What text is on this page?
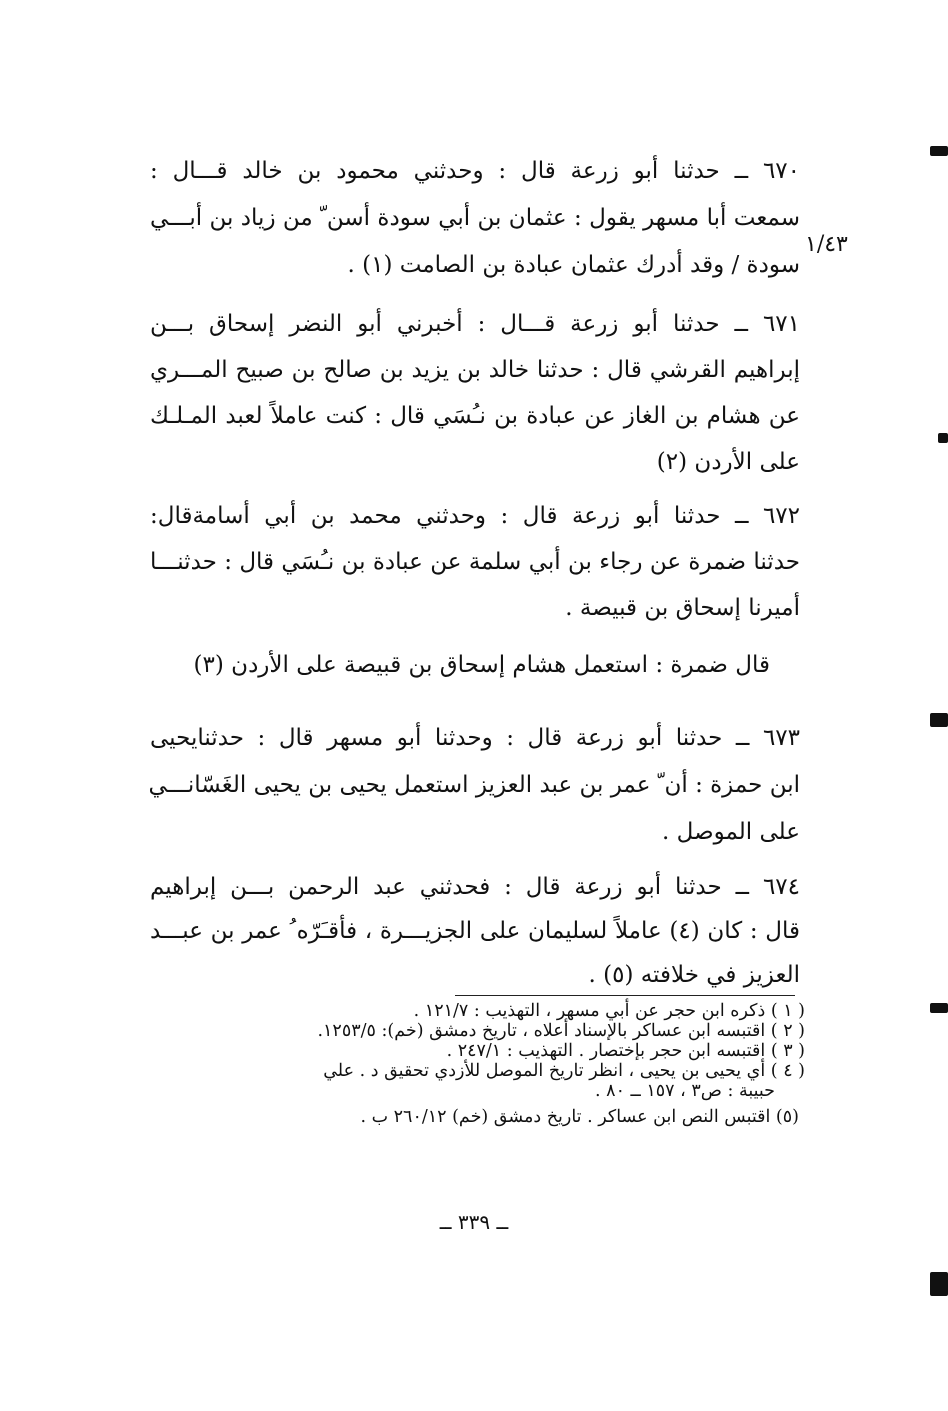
٦٧٠ ــ حدثنا أبو زرعة قال : وحدثني محمود بن خالد قـــال :
سمعت أبا مسهر يقول : عثمان بن أبي سودة أسن ّ من زياد بن أبـــي
سودة / وقد أدرك عثمان عبادة بن الصامت (١) .
١/٤٣
٦٧١ ــ حدثنا أبو زرعة قـــال : أخبرني أبو النضر إسحاق بـــن
إبراهيم القرشي قال : حدثنا خالد بن يزيد بن صالح بن صبيح المـــري
عن هشام بن الغاز عن عبادة بن نـُسَي قال : كنت عاملاً لعبد المـلـك
على الأردن (٢)
٦٧٢ ــ حدثنا أبو زرعة قال : وحدثني محمد بن أبي أسامةقال:
حدثنا ضمرة عن رجاء بن أبي سلمة عن عبادة بن نـُسَي قال : حدثنـــا
أميرنا إسحاق بن قبيصة .
قال ضمرة : استعمل هشام إسحاق بن قبيصة على الأردن (٣)
٦٧٣ ــ حدثنا أبو زرعة قال : وحدثنا أبو مسهر قال : حدثنايحيى
ابن حمزة : أن ّ عمر بن عبد العزيز استعمل يحيى بن يحيى الغَسّانـــي
على الموصل .
٦٧٤ ــ حدثنا أبو زرعة قال : فحدثني عبد الرحمن بـــن إبراهيم
قال : كان (٤) عاملاً لسليمان على الجزيـــرة ، فأقـَرّه ُ عمر بن عبـــد
العزيز في خلافته (٥) .
( ١ ) ذكره ابن حجر عن أبي مسهر ، التهذيب : ١٢١/٧ .
( ٢ ) اقتبسه ابن عساكر بالإسناد أعلاه ، تاريخ دمشق (خم): ١٢٥٣/٥.
( ٣ ) اقتبسه ابن حجر بإختصار . التهذيب : ٢٤٧/١ .
( ٤ ) أي يحيى بن يحيى ، انظر تاريخ الموصل للأزدي تحقيق د . علي
حبيبة : ص٣ ، ١٥٧ ــ ٨٠ .
(٥) اقتبس النص ابن عساكر . تاريخ دمشق (خم) ٢٦٠/١٢ ب .
ــ ٣٣٩ ــ
